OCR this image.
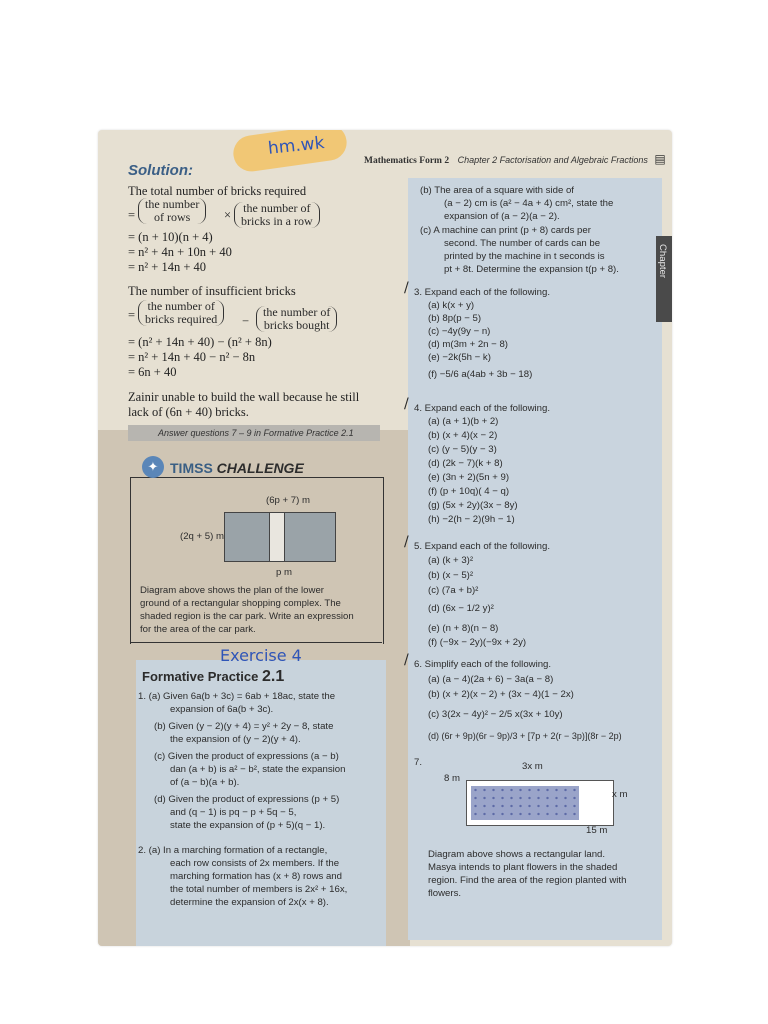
hm.wk
Mathematics Form 2 Chapter 2 Factorisation and Algebraic Fractions ▤
Solution:
The total number of bricks required
=
the number
of rows	× the number of
bricks in a row
= (n + 10)(n + 4)
= n² + 4n + 10n + 40
= n² + 14n + 40
The number of insufficient bricks
=
the number of
bricks required −
the number of
bricks bought
= (n² + 14n + 40) − (n² + 8n)
= n² + 14n + 40 − n² − 8n
= 6n + 40
Zainir unable to build the wall because he still
lack of (6n + 40) bricks.
Answer questions 7 – 9 in Formative Practice 2.1
✦ TIMSS CHALLENGE
(6p + 7) m
(2q + 5) m
p m
Diagram above shows the plan of the lower
ground of a rectangular shopping complex. The
shaded region is the car park. Write an expression
for the area of the car park.
Exercise 4
Formative Practice 2.1
1. (a) Given 6a(b + 3c) = 6ab + 18ac, state the
expansion of 6a(b + 3c).
(b) Given (y − 2)(y + 4) = y² + 2y − 8, state
the expansion of (y − 2)(y + 4).
(c) Given the product of expressions (a − b)
dan (a + b) is a² − b², state the expansion
of (a − b)(a + b).
(d) Given the product of expressions (p + 5)
and (q − 1) is pq − p + 5q − 5,
state the expansion of (p + 5)(q − 1).
2. (a) In a marching formation of a rectangle,
each row consists of 2x members. If the
marching formation has (x + 8) rows and
the total number of members is 2x² + 16x,
determine the expansion of 2x(x + 8).
(b) The area of a square with side of
(a − 2) cm is (a² − 4a + 4) cm², state the
expansion of (a − 2)(a − 2).
(c) A machine can print (p + 8) cards per
second. The number of cards can be
printed by the machine in t seconds is
pt + 8t. Determine the expansion t(p + 8).
/ 3. Expand each of the following.
(a) k(x + y)
(b) 8p(p − 5)
(c) −4y(9y − n)
(d) m(3m + 2n − 8)
(e) −2k(5h − k)
(f) −5/6 a(4ab + 3b − 18)
/ 4. Expand each of the following.
(a) (a + 1)(b + 2)
(b) (x + 4)(x − 2)
(c) (y − 5)(y − 3)
(d) (2k − 7)(k + 8)
(e) (3n + 2)(5n + 9)
(f) (p + 10q)( 4 − q)
(g) (5x + 2y)(3x − 8y)
(h) −2(h − 2)(9h − 1)
/ 5. Expand each of the following.
(a) (k + 3)²
(b) (x − 5)²
(c) (7a + b)²
(d) (6x − 1/2 y)²
(e) (n + 8)(n − 8)
(f) (−9x − 2y)(−9x + 2y)
/ 6. Simplify each of the following.
(a) (a − 4)(2a + 6) − 3a(a − 8)
(b) (x + 2)(x − 2) + (3x − 4)(1 − 2x)
(c) 3(2x − 4y)² − 2/5 x(3x + 10y)
(d) (6r + 9p)(6r − 9p)/3 + [7p + 2(r − 3p)](8r − 2p)
7.	3x m
8 m
x m
15 m
Diagram above shows a rectangular land.
Masya intends to plant flowers in the shaded
region. Find the area of the region planted with
flowers.
Chapter
